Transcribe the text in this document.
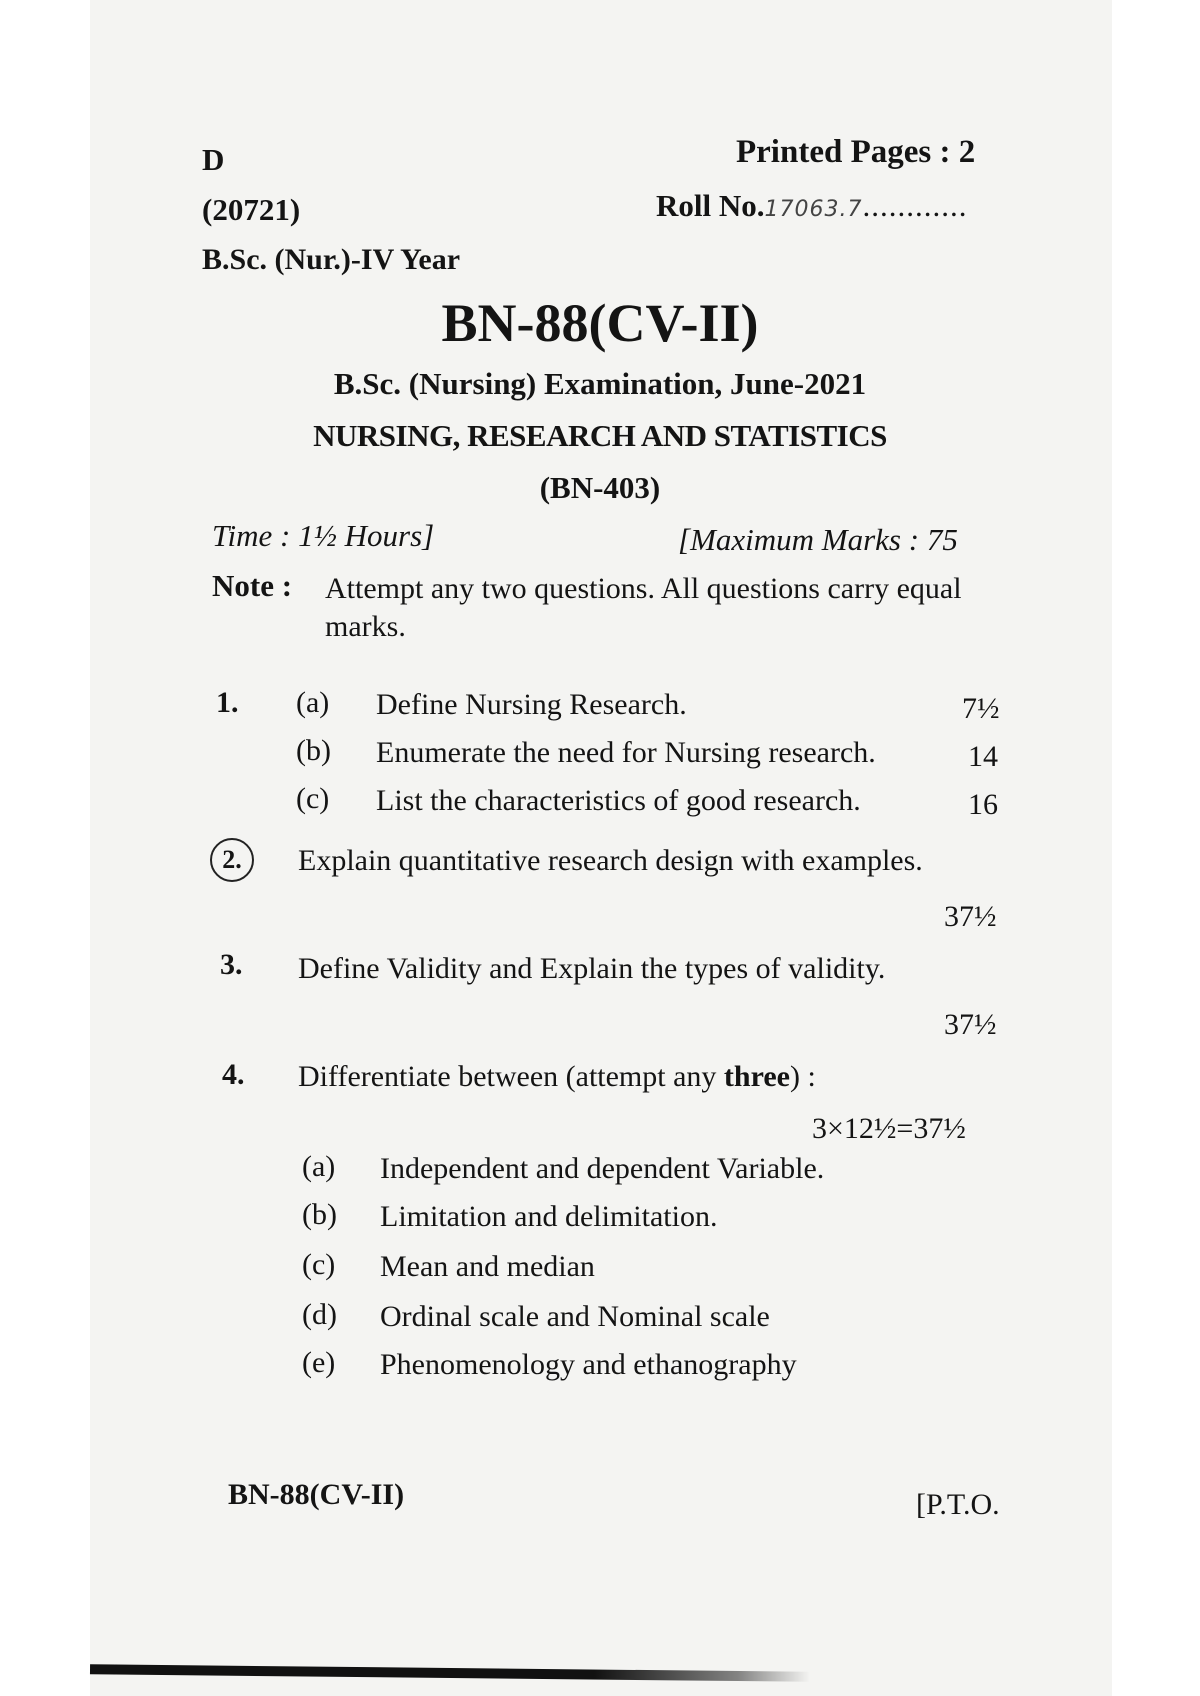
D
(20721)
B.Sc. (Nur.)-IV Year
Printed Pages : 2
Roll No.17063.7............
BN-88(CV-II)
B.Sc. (Nursing) Examination, June-2021
NURSING, RESEARCH AND STATISTICS
(BN-403)
Time : 1½ Hours]	[Maximum Marks : 75
Note : Attempt any two questions. All questions carry equal marks.
1. (a) Define Nursing Research.	7½
(b) Enumerate the need for Nursing research.	14
(c) List the characteristics of good research.	16
2.	Explain quantitative research design with examples.
37½
3. Define Validity and Explain the types of validity.
37½
4. Differentiate between (attempt any three) :
3×12½=37½
(a) Independent and dependent Variable.
(b) Limitation and delimitation.
(c) Mean and median
(d) Ordinal scale and Nominal scale
(e) Phenomenology and ethanography
BN-88(CV-II)	[P.T.O.
